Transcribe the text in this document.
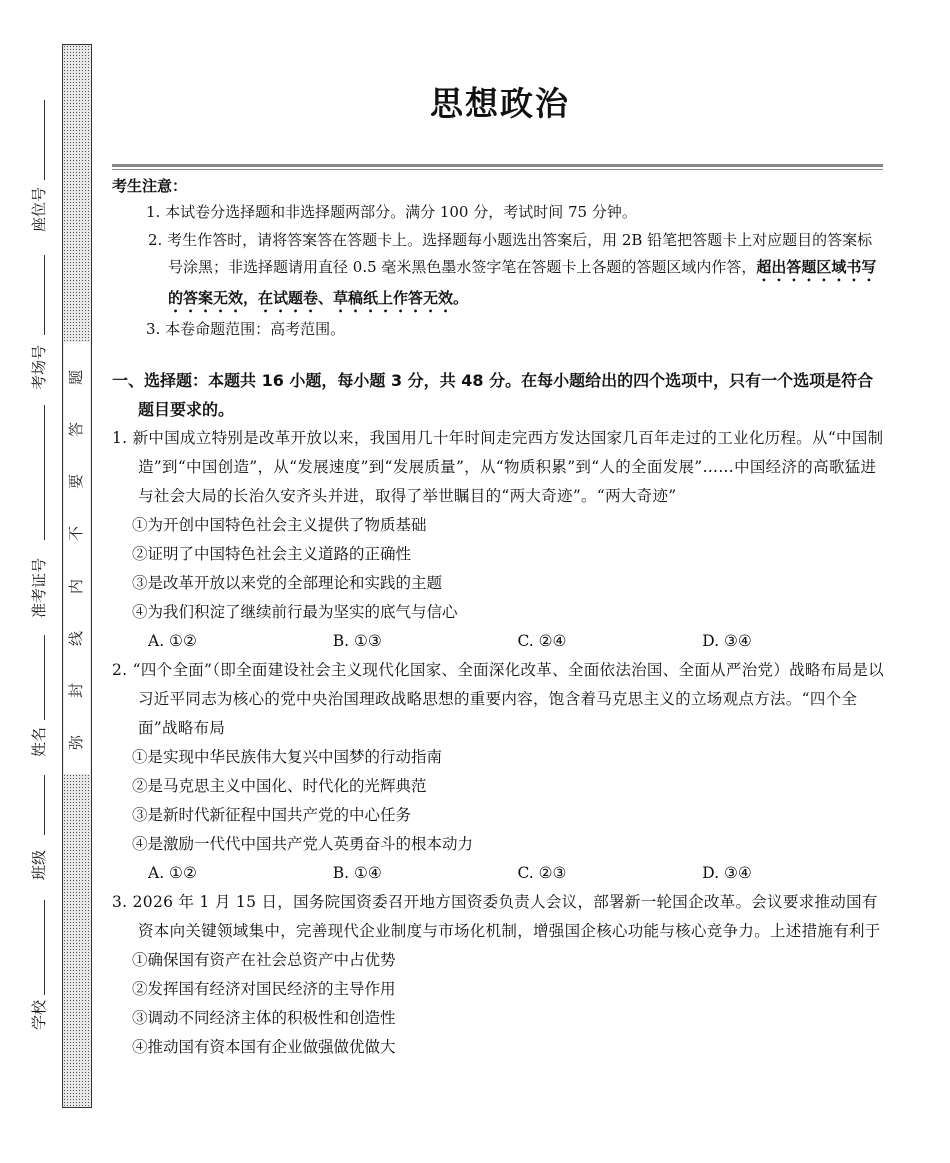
题
答
要
不
内
线
封
弥
座位号
考场号
准考证号
姓名
班级
学校
思想政治
考生注意：
1. 本试卷分选择题和非选择题两部分。满分 100 分，考试时间 75 分钟。
2. 考生作答时，请将答案答在答题卡上。选择题每小题选出答案后，用 2B 铅笔把答题卡上对应题目的答案标号涂黑；非选择题请用直径 0.5 毫米黑色墨水签字笔在答题卡上各题的答题区域内作答，超出答题区域书写的答案无效，在试题卷、草稿纸上作答无效。
3. 本卷命题范围：高考范围。
一、选择题：本题共 16 小题，每小题 3 分，共 48 分。在每小题给出的四个选项中，只有一个选项是符合题目要求的。
1. 新中国成立特别是改革开放以来，我国用几十年时间走完西方发达国家几百年走过的工业化历程。从“中国制造”到“中国创造”，从“发展速度”到“发展质量”，从“物质积累”到“人的全面发展”……中国经济的高歌猛进与社会大局的长治久安齐头并进，取得了举世瞩目的“两大奇迹”。“两大奇迹”
①为开创中国特色社会主义提供了物质基础
②证明了中国特色社会主义道路的正确性
③是改革开放以来党的全部理论和实践的主题
④为我们积淀了继续前行最为坚实的底气与信心
A. ①②	B. ①③	C. ②④	D. ③④
2. “四个全面”（即全面建设社会主义现代化国家、全面深化改革、全面依法治国、全面从严治党）战略布局是以习近平同志为核心的党中央治国理政战略思想的重要内容，饱含着马克思主义的立场观点方法。“四个全面”战略布局
①是实现中华民族伟大复兴中国梦的行动指南
②是马克思主义中国化、时代化的光辉典范
③是新时代新征程中国共产党的中心任务
④是激励一代代中国共产党人英勇奋斗的根本动力
A. ①②	B. ①④	C. ②③	D. ③④
3. 2026 年 1 月 15 日，国务院国资委召开地方国资委负责人会议，部署新一轮国企改革。会议要求推动国有资本向关键领域集中，完善现代企业制度与市场化机制，增强国企核心功能与核心竞争力。上述措施有利于
①确保国有资产在社会总资产中占优势
②发挥国有经济对国民经济的主导作用
③调动不同经济主体的积极性和创造性
④推动国有资本国有企业做强做优做大
